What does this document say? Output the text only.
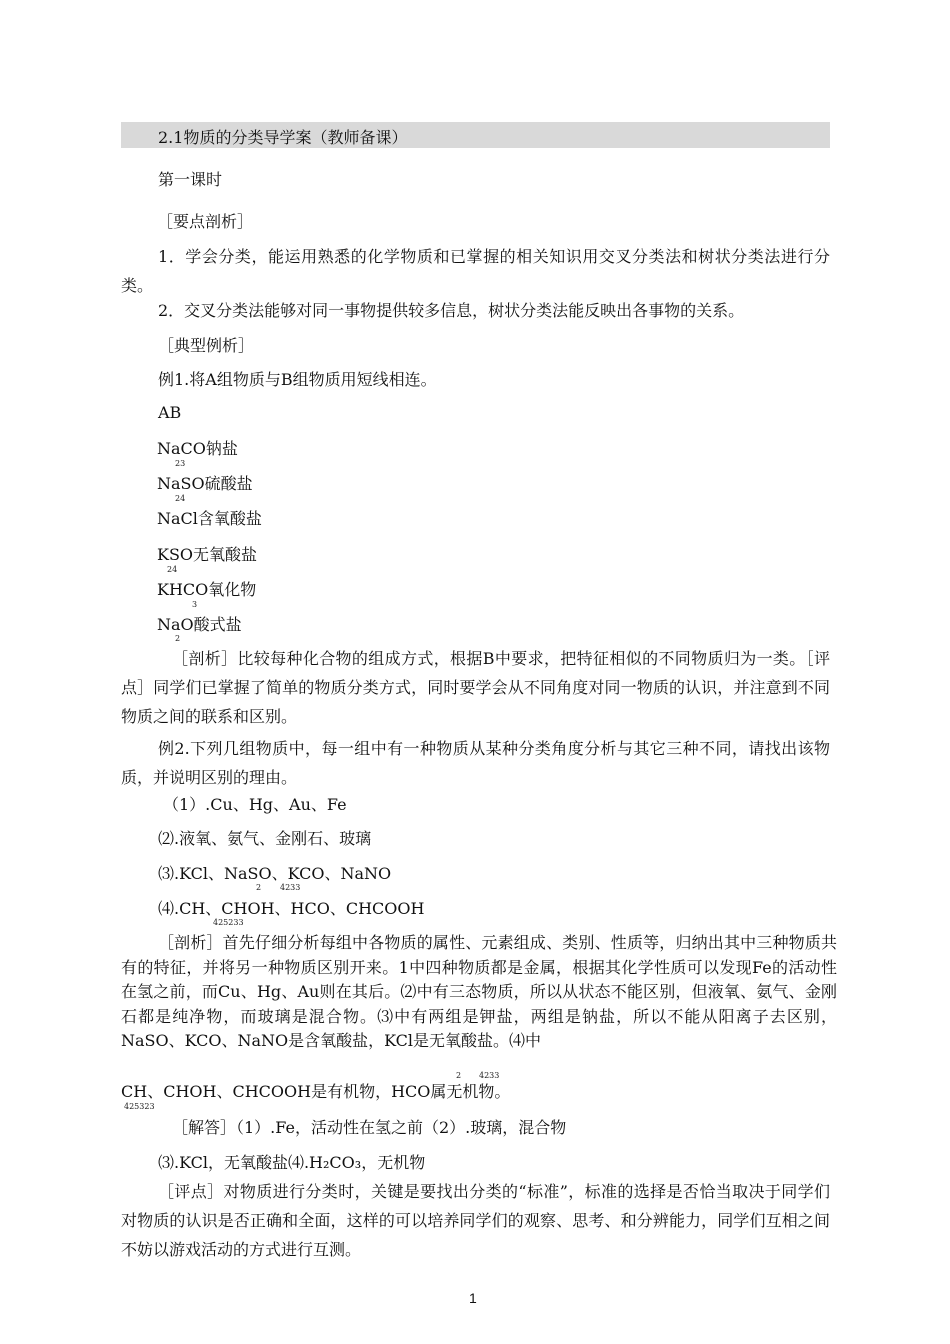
2.1物质的分类导学案（教师备课）
第一课时
［要点剖析］
1．学会分类，能运用熟悉的化学物质和已掌握的相关知识用交叉分类法和树状分类法进行分类。
2．交叉分类法能够对同一事物提供较多信息，树状分类法能反映出各事物的关系。
［典型例析］
例1.将A组物质与B组物质用短线相连。
AB
NaCO钠盐
23
NaSO硫酸盐
24
NaCl含氧酸盐
KSO无氧酸盐
24
KHCO氧化物
3
NaO酸式盐
2
［剖析］比较每种化合物的组成方式，根据B中要求，把特征相似的不同物质归为一类。［评点］同学们已掌握了简单的物质分类方式，同时要学会从不同角度对同一物质的认识，并注意到不同物质之间的联系和区别。
例2.下列几组物质中，每一组中有一种物质从某种分类角度分析与其它三种不同，请找出该物质，并说明区别的理由。
（1）.Cu、Hg、Au、Fe
⑵.液氧、氨气、金刚石、玻璃
⑶.KCl、NaSO、KCO、NaNO
2 4233
⑷.CH、CHOH、HCO、CHCOOH
425233
［剖析］首先仔细分析每组中各物质的属性、元素组成、类别、性质等，归纳出其中三种物质共有的特征，并将另一种物质区别开来。1中四种物质都是金属，根据其化学性质可以发现Fe的活动性在氢之前，而Cu、Hg、Au则在其后。⑵中有三态物质，所以从状态不能区别，但液氧、氨气、金刚石都是纯净物，而玻璃是混合物。⑶中有两组是钾盐，两组是钠盐，所以不能从阳离子去区别，NaSO、KCO、NaNO是含氧酸盐，KCl是无氧酸盐。⑷中
2 4233
CH、CHOH、CHCOOH是有机物，HCO属无机物。
425323
［解答］（1）.Fe，活动性在氢之前（2）.玻璃，混合物
⑶.KCl，无氧酸盐⑷.H₂CO₃，无机物
［评点］对物质进行分类时，关键是要找出分类的“标准”，标准的选择是否恰当取决于同学们对物质的认识是否正确和全面，这样的可以培养同学们的观察、思考、和分辨能力，同学们互相之间不妨以游戏活动的方式进行互测。
1
